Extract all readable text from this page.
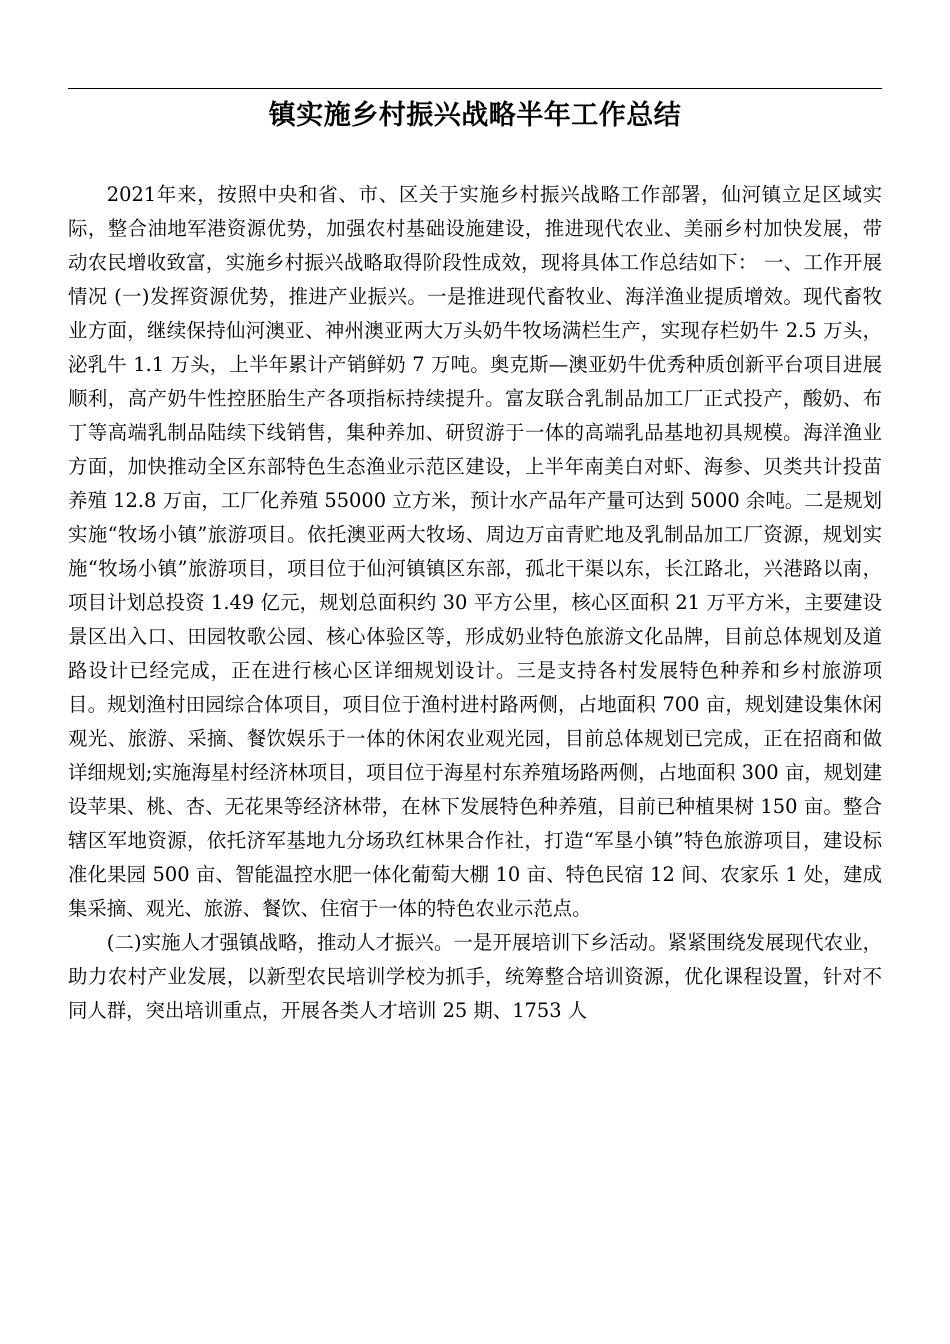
镇实施乡村振兴战略半年工作总结

2021年来，按照中央和省、市、区关于实施乡村振兴战略工作部署，仙河镇立足区域实际，整合油地军港资源优势，加强农村基础设施建设，推进现代农业、美丽乡村加快发展，带动农民增收致富，实施乡村振兴战略取得阶段性成效，现将具体工作总结如下： 一、工作开展情况 (一)发挥资源优势，推进产业振兴。一是推进现代畜牧业、海洋渔业提质增效。现代畜牧业方面，继续保持仙河澳亚、神州澳亚两大万头奶牛牧场满栏生产，实现存栏奶牛 2.5 万头，泌乳牛 1.1 万头，上半年累计产销鲜奶 7 万吨。奥克斯—澳亚奶牛优秀种质创新平台项目进展顺利，高产奶牛性控胚胎生产各项指标持续提升。富友联合乳制品加工厂正式投产，酸奶、布丁等高端乳制品陆续下线销售，集种养加、研贸游于一体的高端乳品基地初具规模。海洋渔业方面，加快推动全区东部特色生态渔业示范区建设，上半年南美白对虾、海参、贝类共计投苗养殖 12.8 万亩，工厂化养殖 55000 立方米，预计水产品年产量可达到 5000 余吨。二是规划实施“牧场小镇”旅游项目。依托澳亚两大牧场、周边万亩青贮地及乳制品加工厂资源，规划实施“牧场小镇”旅游项目，项目位于仙河镇镇区东部，孤北干渠以东，长江路北，兴港路以南，项目计划总投资 1.49 亿元，规划总面积约 30 平方公里，核心区面积 21 万平方米，主要建设景区出入口、田园牧歌公园、核心体验区等，形成奶业特色旅游文化品牌，目前总体规划及道路设计已经完成，正在进行核心区详细规划设计。三是支持各村发展特色种养和乡村旅游项目。规划渔村田园综合体项目，项目位于渔村进村路两侧，占地面积 700 亩，规划建设集休闲观光、旅游、采摘、餐饮娱乐于一体的休闲农业观光园，目前总体规划已完成，正在招商和做详细规划;实施海星村经济林项目，项目位于海星村东养殖场路两侧，占地面积 300 亩，规划建设苹果、桃、杏、无花果等经济林带，在林下发展特色种养殖，目前已种植果树 150 亩。整合辖区军地资源，依托济军基地九分场玖红林果合作社，打造“军垦小镇”特色旅游项目，建设标准化果园 500 亩、智能温控水肥一体化葡萄大棚 10 亩、特色民宿 12 间、农家乐 1 处，建成集采摘、观光、旅游、餐饮、住宿于一体的特色农业示范点。

(二)实施人才强镇战略，推动人才振兴。一是开展培训下乡活动。紧紧围绕发展现代农业，助力农村产业发展，以新型农民培训学校为抓手，统筹整合培训资源，优化课程设置，针对不同人群，突出培训重点，开展各类人才培训 25 期、1753 人
